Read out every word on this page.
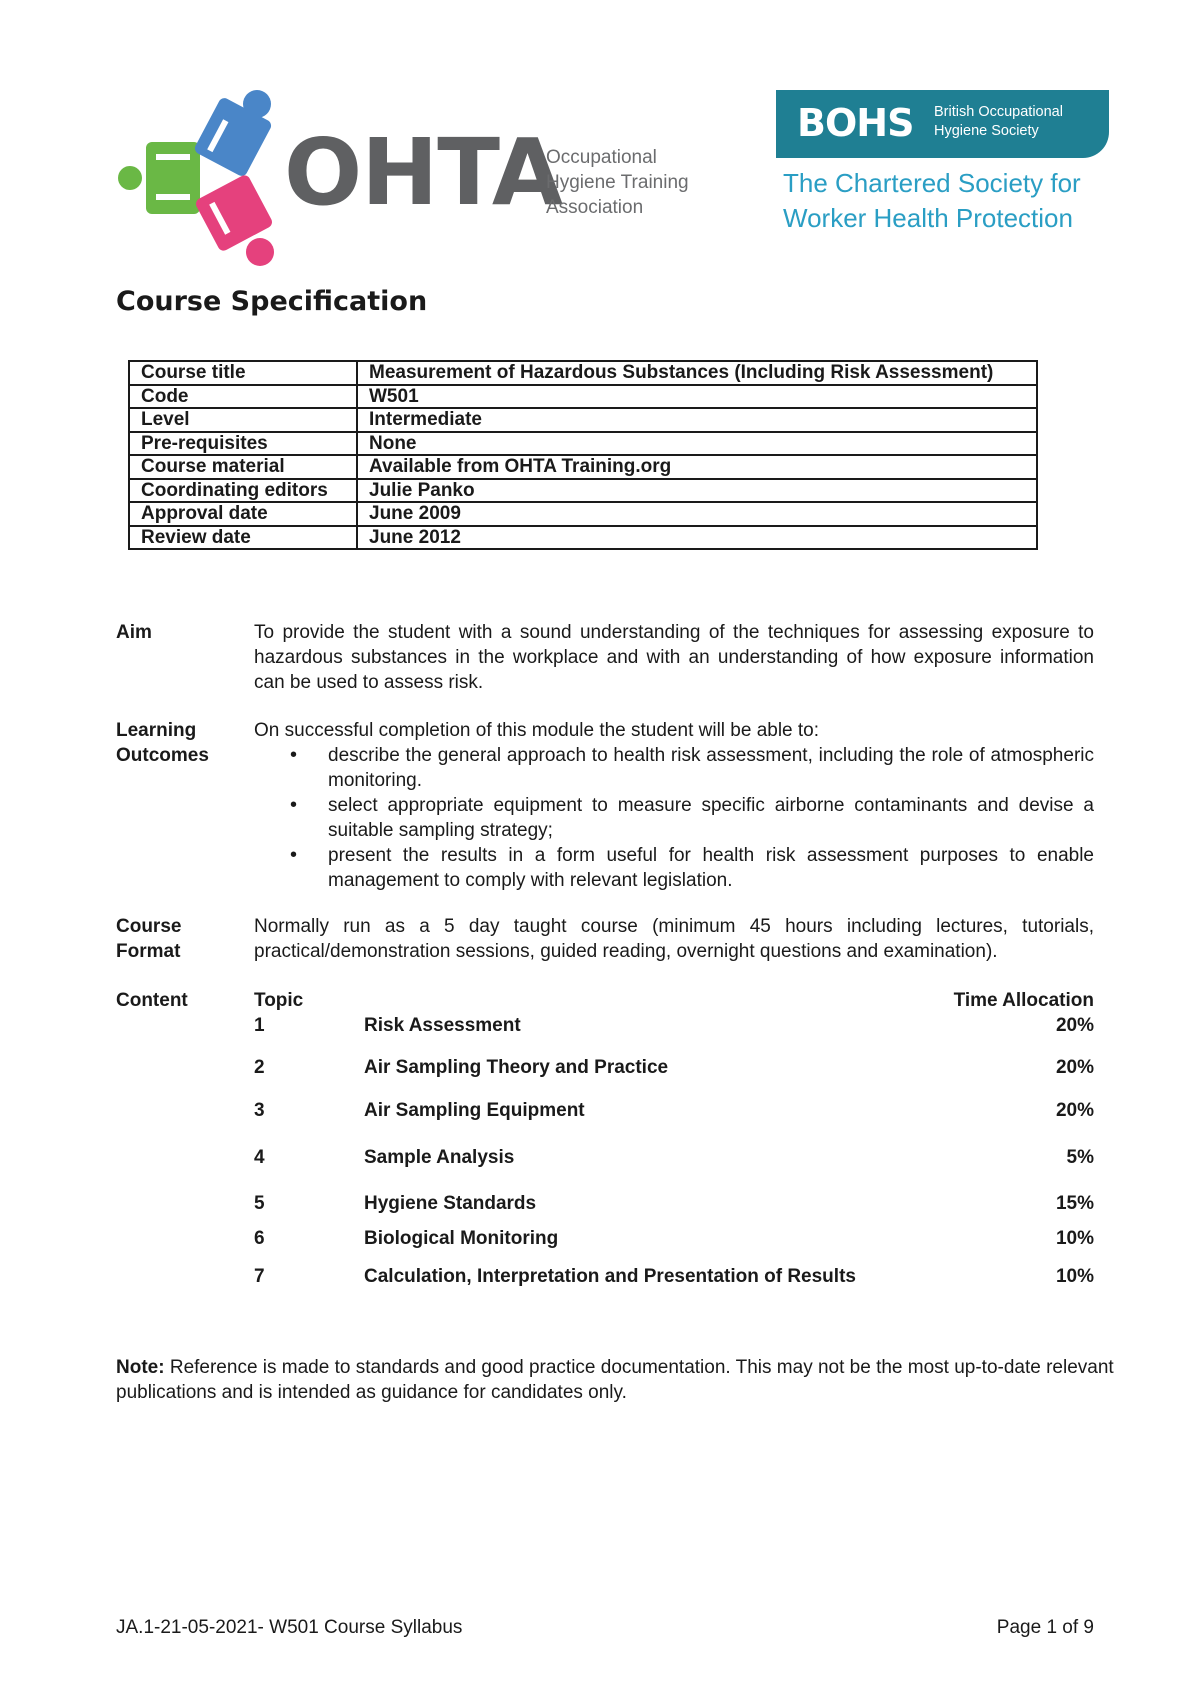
OHTA
Occupational
Hygiene Training
Association
BOHS British Occupational
Hygiene Society
The Chartered Society for
Worker Health Protection
Course Specification
Course title	Measurement of Hazardous Substances (Including Risk Assessment)
Code	W501
Level	Intermediate
Pre-requisites	None
Course material	Available from OHTA Training.org
Coordinating editors	Julie Panko
Approval date	June 2009
Review date	June 2012
Aim	To provide the student with a sound understanding of the techniques for assessing exposure to hazardous substances in the workplace and with an understanding of how exposure information can be used to assess risk.
Learning
Outcomes
On successful completion of this module the student will be able to:
• describe the general approach to health risk assessment, including the role of atmospheric monitoring.
• select appropriate equipment to measure specific airborne contaminants and devise a suitable sampling strategy;
• present the results in a form useful for health risk assessment purposes to enable management to comply with relevant legislation.
Course
Format
Normally run as a 5 day taught course (minimum 45 hours including lectures, tutorials, practical/demonstration sessions, guided reading, overnight questions and examination).
Content	Topic	Time Allocation
1	Risk Assessment	20%
2	Air Sampling Theory and Practice	20%
3	Air Sampling Equipment	20%
4	Sample Analysis	5%
5	Hygiene Standards	15%
6	Biological Monitoring	10%
7	Calculation, Interpretation and Presentation of Results	10%
Note: Reference is made to standards and good practice documentation. This may not be the most up-to-date relevant publications and is intended as guidance for candidates only.
JA.1-21-05-2021- W501 Course Syllabus	Page 1 of 9
